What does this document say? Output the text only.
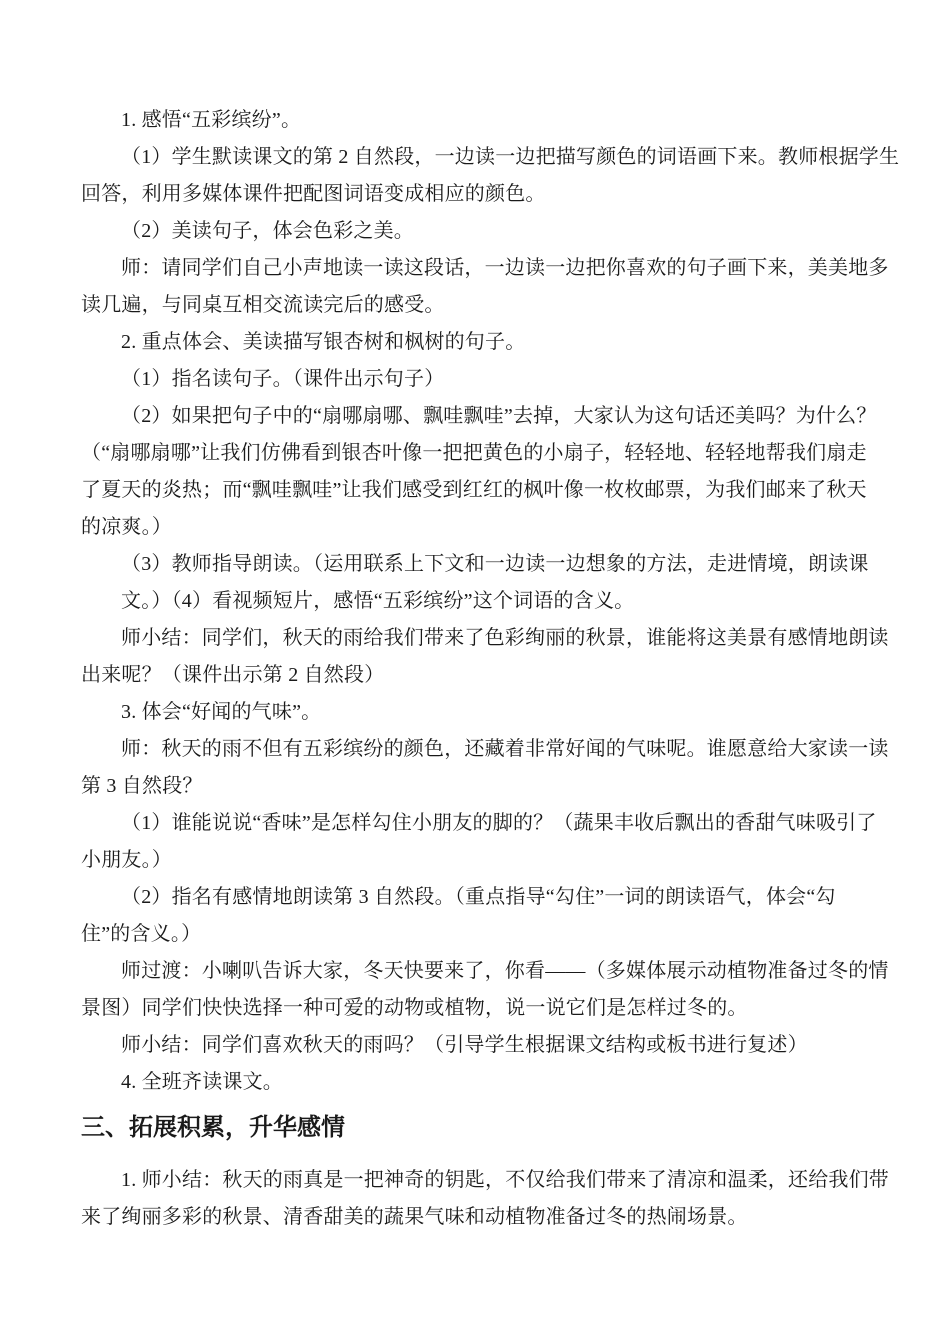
1. 感悟“五彩缤纷”。
（1）学生默读课文的第 2 自然段，一边读一边把描写颜色的词语画下来。教师根据学生
回答，利用多媒体课件把配图词语变成相应的颜色。
（2）美读句子，体会色彩之美。
师：请同学们自己小声地读一读这段话，一边读一边把你喜欢的句子画下来，美美地多
读几遍，与同桌互相交流读完后的感受。
2. 重点体会、美读描写银杏树和枫树的句子。
（1）指名读句子。（课件出示句子）
（2）如果把句子中的“扇哪扇哪、飘哇飘哇”去掉，大家认为这句话还美吗？为什么？
（“扇哪扇哪”让我们仿佛看到银杏叶像一把把黄色的小扇子，轻轻地、轻轻地帮我们扇走
了夏天的炎热；而“飘哇飘哇”让我们感受到红红的枫叶像一枚枚邮票，为我们邮来了秋天
的凉爽。）
（3）教师指导朗读。（运用联系上下文和一边读一边想象的方法，走进情境，朗读课
文。）（4）看视频短片，感悟“五彩缤纷”这个词语的含义。
师小结：同学们，秋天的雨给我们带来了色彩绚丽的秋景，谁能将这美景有感情地朗读
出来呢？（课件出示第 2 自然段）
3. 体会“好闻的气味”。
师：秋天的雨不但有五彩缤纷的颜色，还藏着非常好闻的气味呢。谁愿意给大家读一读
第 3 自然段？
（1）谁能说说“香味”是怎样勾住小朋友的脚的？（蔬果丰收后飘出的香甜气味吸引了
小朋友。）
（2）指名有感情地朗读第 3 自然段。（重点指导“勾住”一词的朗读语气，体会“勾
住”的含义。）
师过渡：小喇叭告诉大家，冬天快要来了，你看——（多媒体展示动植物准备过冬的情
景图）同学们快快选择一种可爱的动物或植物，说一说它们是怎样过冬的。
师小结：同学们喜欢秋天的雨吗？（引导学生根据课文结构或板书进行复述）
4. 全班齐读课文。
三、拓展积累，升华感情
1. 师小结：秋天的雨真是一把神奇的钥匙，不仅给我们带来了清凉和温柔，还给我们带
来了绚丽多彩的秋景、清香甜美的蔬果气味和动植物准备过冬的热闹场景。
